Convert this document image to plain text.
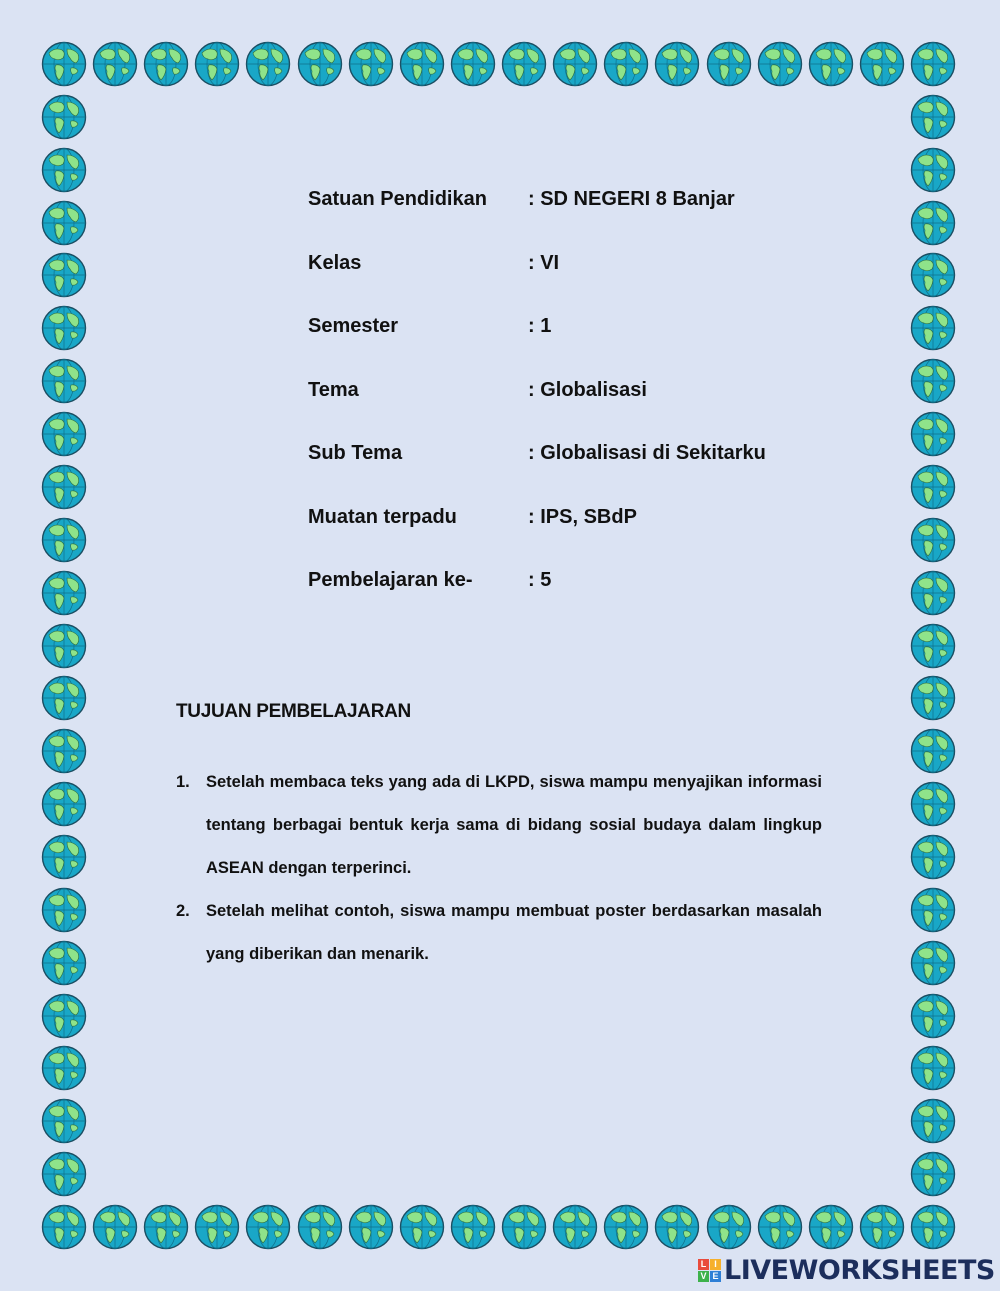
Satuan Pendidikan : SD NEGERI 8 Banjar
Kelas	: VI
Semester	: 1
Tema	: Globalisasi
Sub Tema	: Globalisasi di Sekitarku
Muatan terpadu	: IPS, SBdP
Pembelajaran ke-	: 5
TUJUAN PEMBELAJARAN
1. Setelah membaca teks yang ada di LKPD, siswa mampu menyajikan informasi tentang berbagai bentuk kerja sama di bidang sosial budaya dalam lingkup ASEAN dengan terperinci.
2. Setelah melihat contoh, siswa mampu membuat poster berdasarkan masalah yang diberikan dan menarik.
L I
V E LIVEWORKSHEETS
